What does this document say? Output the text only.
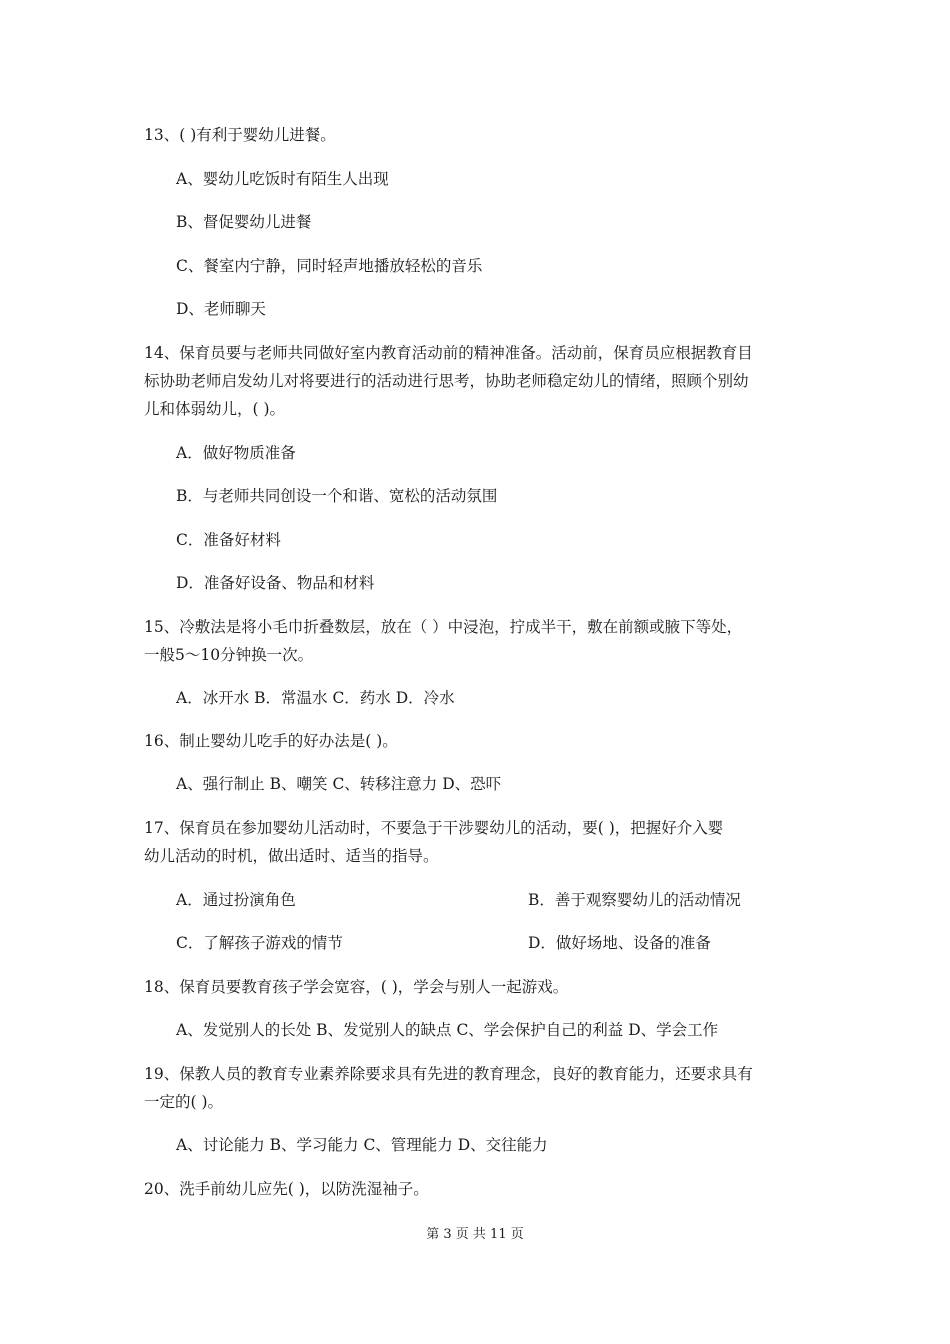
13、( )有利于婴幼儿进餐。
A、婴幼儿吃饭时有陌生人出现
B、督促婴幼儿进餐
C、餐室内宁静，同时轻声地播放轻松的音乐
D、老师聊天
14、保育员要与老师共同做好室内教育活动前的精神准备。活动前，保育员应根据教育目
标协助老师启发幼儿对将要进行的活动进行思考，协助老师稳定幼儿的情绪，照顾个别幼
儿和体弱幼儿，( )。
A．做好物质准备
B．与老师共同创设一个和谐、宽松的活动氛围
C．准备好材料
D．准备好设备、物品和材料
15、冷敷法是将小毛巾折叠数层，放在（ ）中浸泡，拧成半干，敷在前额或腋下等处，
一般5～10分钟换一次。
A．冰开水 B．常温水 C．药水 D．冷水
16、制止婴幼儿吃手的好办法是( )。
A、强行制止 B、嘲笑 C、转移注意力 D、恐吓
17、保育员在参加婴幼儿活动时，不要急于干涉婴幼儿的活动，要( )，把握好介入婴
幼儿活动的时机，做出适时、适当的指导。
A．通过扮演角色	B．善于观察婴幼儿的活动情况
C．了解孩子游戏的情节	D．做好场地、设备的准备
18、保育员要教育孩子学会宽容，( )，学会与别人一起游戏。
A、发觉别人的长处 B、发觉别人的缺点 C、学会保护自己的利益 D、学会工作
19、保教人员的教育专业素养除要求具有先进的教育理念，良好的教育能力，还要求具有
一定的( )。
A、讨论能力 B、学习能力 C、管理能力 D、交往能力
20、洗手前幼儿应先( )，以防洗湿袖子。
第 3 页 共 11 页
